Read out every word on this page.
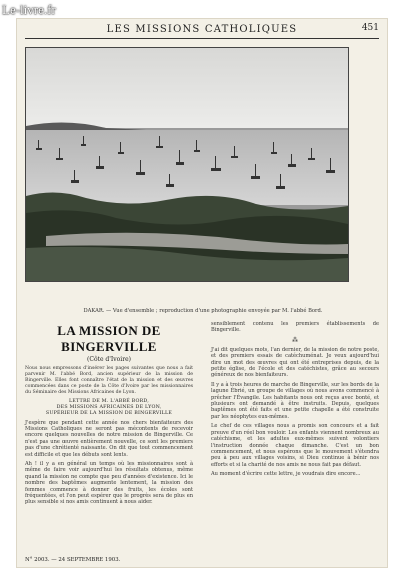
Le-livre.fr
LES MISSIONS CATHOLIQUES	451
DAKAR. — Vue d'ensemble ; reproduction d'une photographie envoyée par M. l'abbé Bord.
LA MISSION DE BINGERVILLE
(Côte d'Ivoire)

Nous nous empressons d'insérer les pages suivantes que nous a fait parvenir M. l'abbé Bord, ancien supérieur de la mission de Bingerville. Elles font connaître l'état de la mission et des œuvres commencées dans ce poste de la Côte d'Ivoire par les missionnaires du Séminaire des Missions Africaines de Lyon.

LETTRE DE M. L'ABBÉ BORD,
DES MISSIONS AFRICAINES DE LYON,
SUPÉRIEUR DE LA MISSION DE BINGERVILLE

J'espère que pendant cette année nos chers bienfaiteurs des Missions Catholiques ne seront pas mécontents de recevoir encore quelques nouvelles de notre mission de Bingerville. Ce n'est pas une œuvre entièrement nouvelle, ce sont les premiers pas d'une chrétienté naissante. On dit que tout commencement est difficile et que les débuts sont lents.

Ah ! il y a en général un temps où les missionnaires sont à même de faire voir aujourd'hui les résultats obtenus, même quand la mission ne compte que peu d'années d'existence. Ici le nombre des baptêmes augmente lentement, la mission des femmes commence à donner des fruits, les écoles sont fréquentées, et l'on peut espérer que le progrès sera de plus en plus sensible si nos amis continuent à nous aider.

sensiblement contenu les premiers établissements de Bingerville.

⁂

J'ai dit quelques mots, l'an dernier, de la mission de notre poste, et des premiers essais de catéchuménat. Je veux aujourd'hui dire un mot des œuvres qui ont été entreprises depuis, de la petite église, de l'école et des catéchistes, grâce au secours généreux de nos bienfaiteurs.

Il y a à trois heures de marche de Bingerville, sur les bords de la lagune Ébrié, un groupe de villages où nous avons commencé à prêcher l'Évangile. Les habitants nous ont reçus avec bonté, et plusieurs ont demandé à être instruits. Depuis, quelques baptêmes ont été faits et une petite chapelle a été construite par les néophytes eux-mêmes.

Le chef de ces villages nous a promis son concours et a fait preuve d'un réel bon vouloir. Les enfants viennent nombreux au catéchisme, et les adultes eux-mêmes suivent volontiers l'instruction donnée chaque dimanche. C'est un bon commencement, et nous espérons que le mouvement s'étendra peu à peu aux villages voisins, si Dieu continue à bénir nos efforts et si la charité de nos amis ne nous fait pas défaut.

Au moment d'écrire cette lettre, je voudrais dire encore...

N° 2003. — 24 SEPTEMBRE 1903.
